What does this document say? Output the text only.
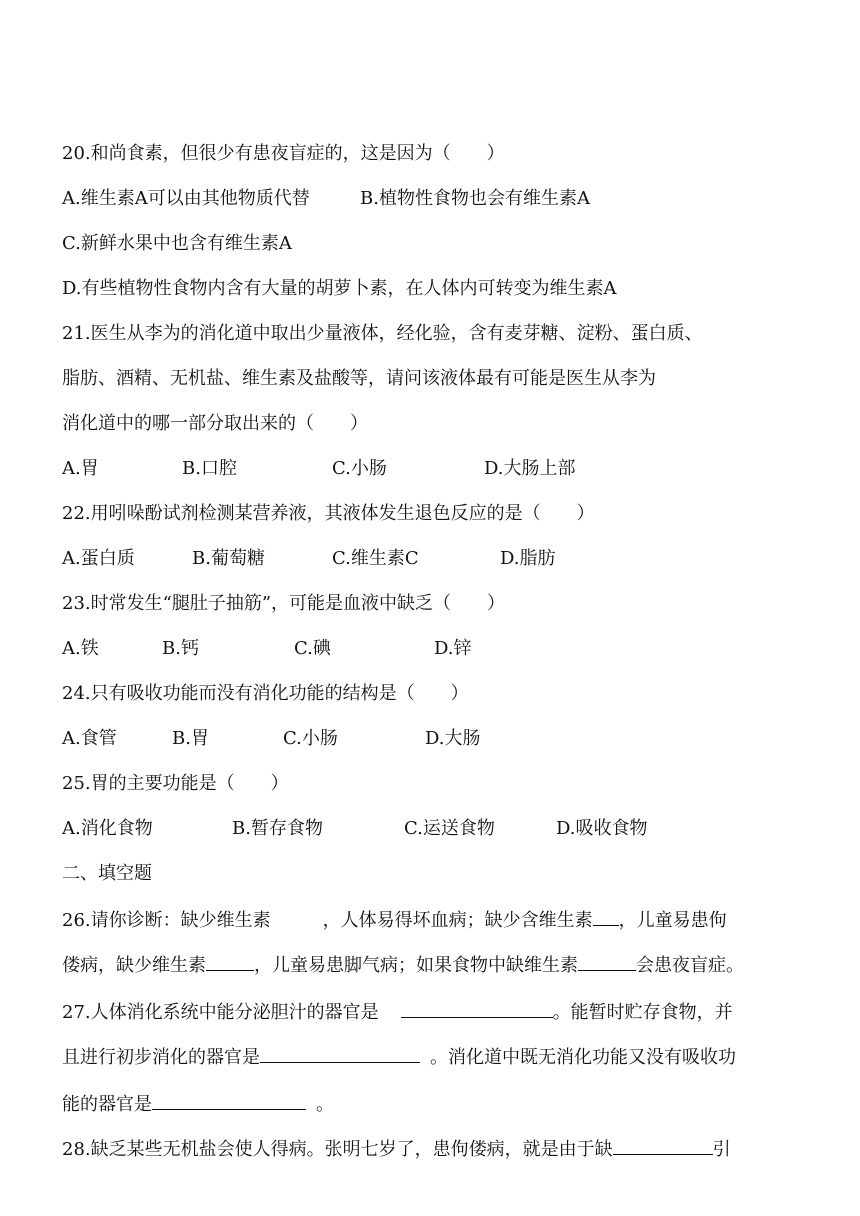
20.和尚食素，但很少有患夜盲症的，这是因为（　　）
A.维生素A可以由其他物质代替	B.植物性食物也会有维生素A
C.新鲜水果中也含有维生素A
D.有些植物性食物内含有大量的胡萝卜素，在人体内可转变为维生素A
21.医生从李为的消化道中取出少量液体，经化验，含有麦芽糖、淀粉、蛋白质、
脂肪、酒精、无机盐、维生素及盐酸等，请问该液体最有可能是医生从李为
消化道中的哪一部分取出来的（　　）
A.胃	B.口腔	C.小肠	D.大肠上部
22.用吲哚酚试剂检测某营养液，其液体发生退色反应的是（　　）
A.蛋白质	B.葡萄糖	C.维生素C	D.脂肪
23.时常发生“腿肚子抽筋”，可能是血液中缺乏（　　）
A.铁	B.钙	C.碘	D.锌
24.只有吸收功能而没有消化功能的结构是（　　）
A.食管	B.胃	C.小肠	D.大肠
25.胃的主要功能是（　　）
A.消化食物	B.暂存食物	C.运送食物	D.吸收食物
二、填空题
26.请你诊断：缺少维生素	，人体易得坏血病；缺少含维生素 ，儿童易患佝
偻病，缺少维生素	，儿童易患脚气病；如果食物中缺维生素	会患夜盲症。
27.人体消化系统中能分泌胆汁的器官是	。能暂时贮存食物，并
且进行初步消化的器官是	。消化道中既无消化功能又没有吸收功
能的器官是	。
28.缺乏某些无机盐会使人得病。张明七岁了，患佝偻病，就是由于缺	引
